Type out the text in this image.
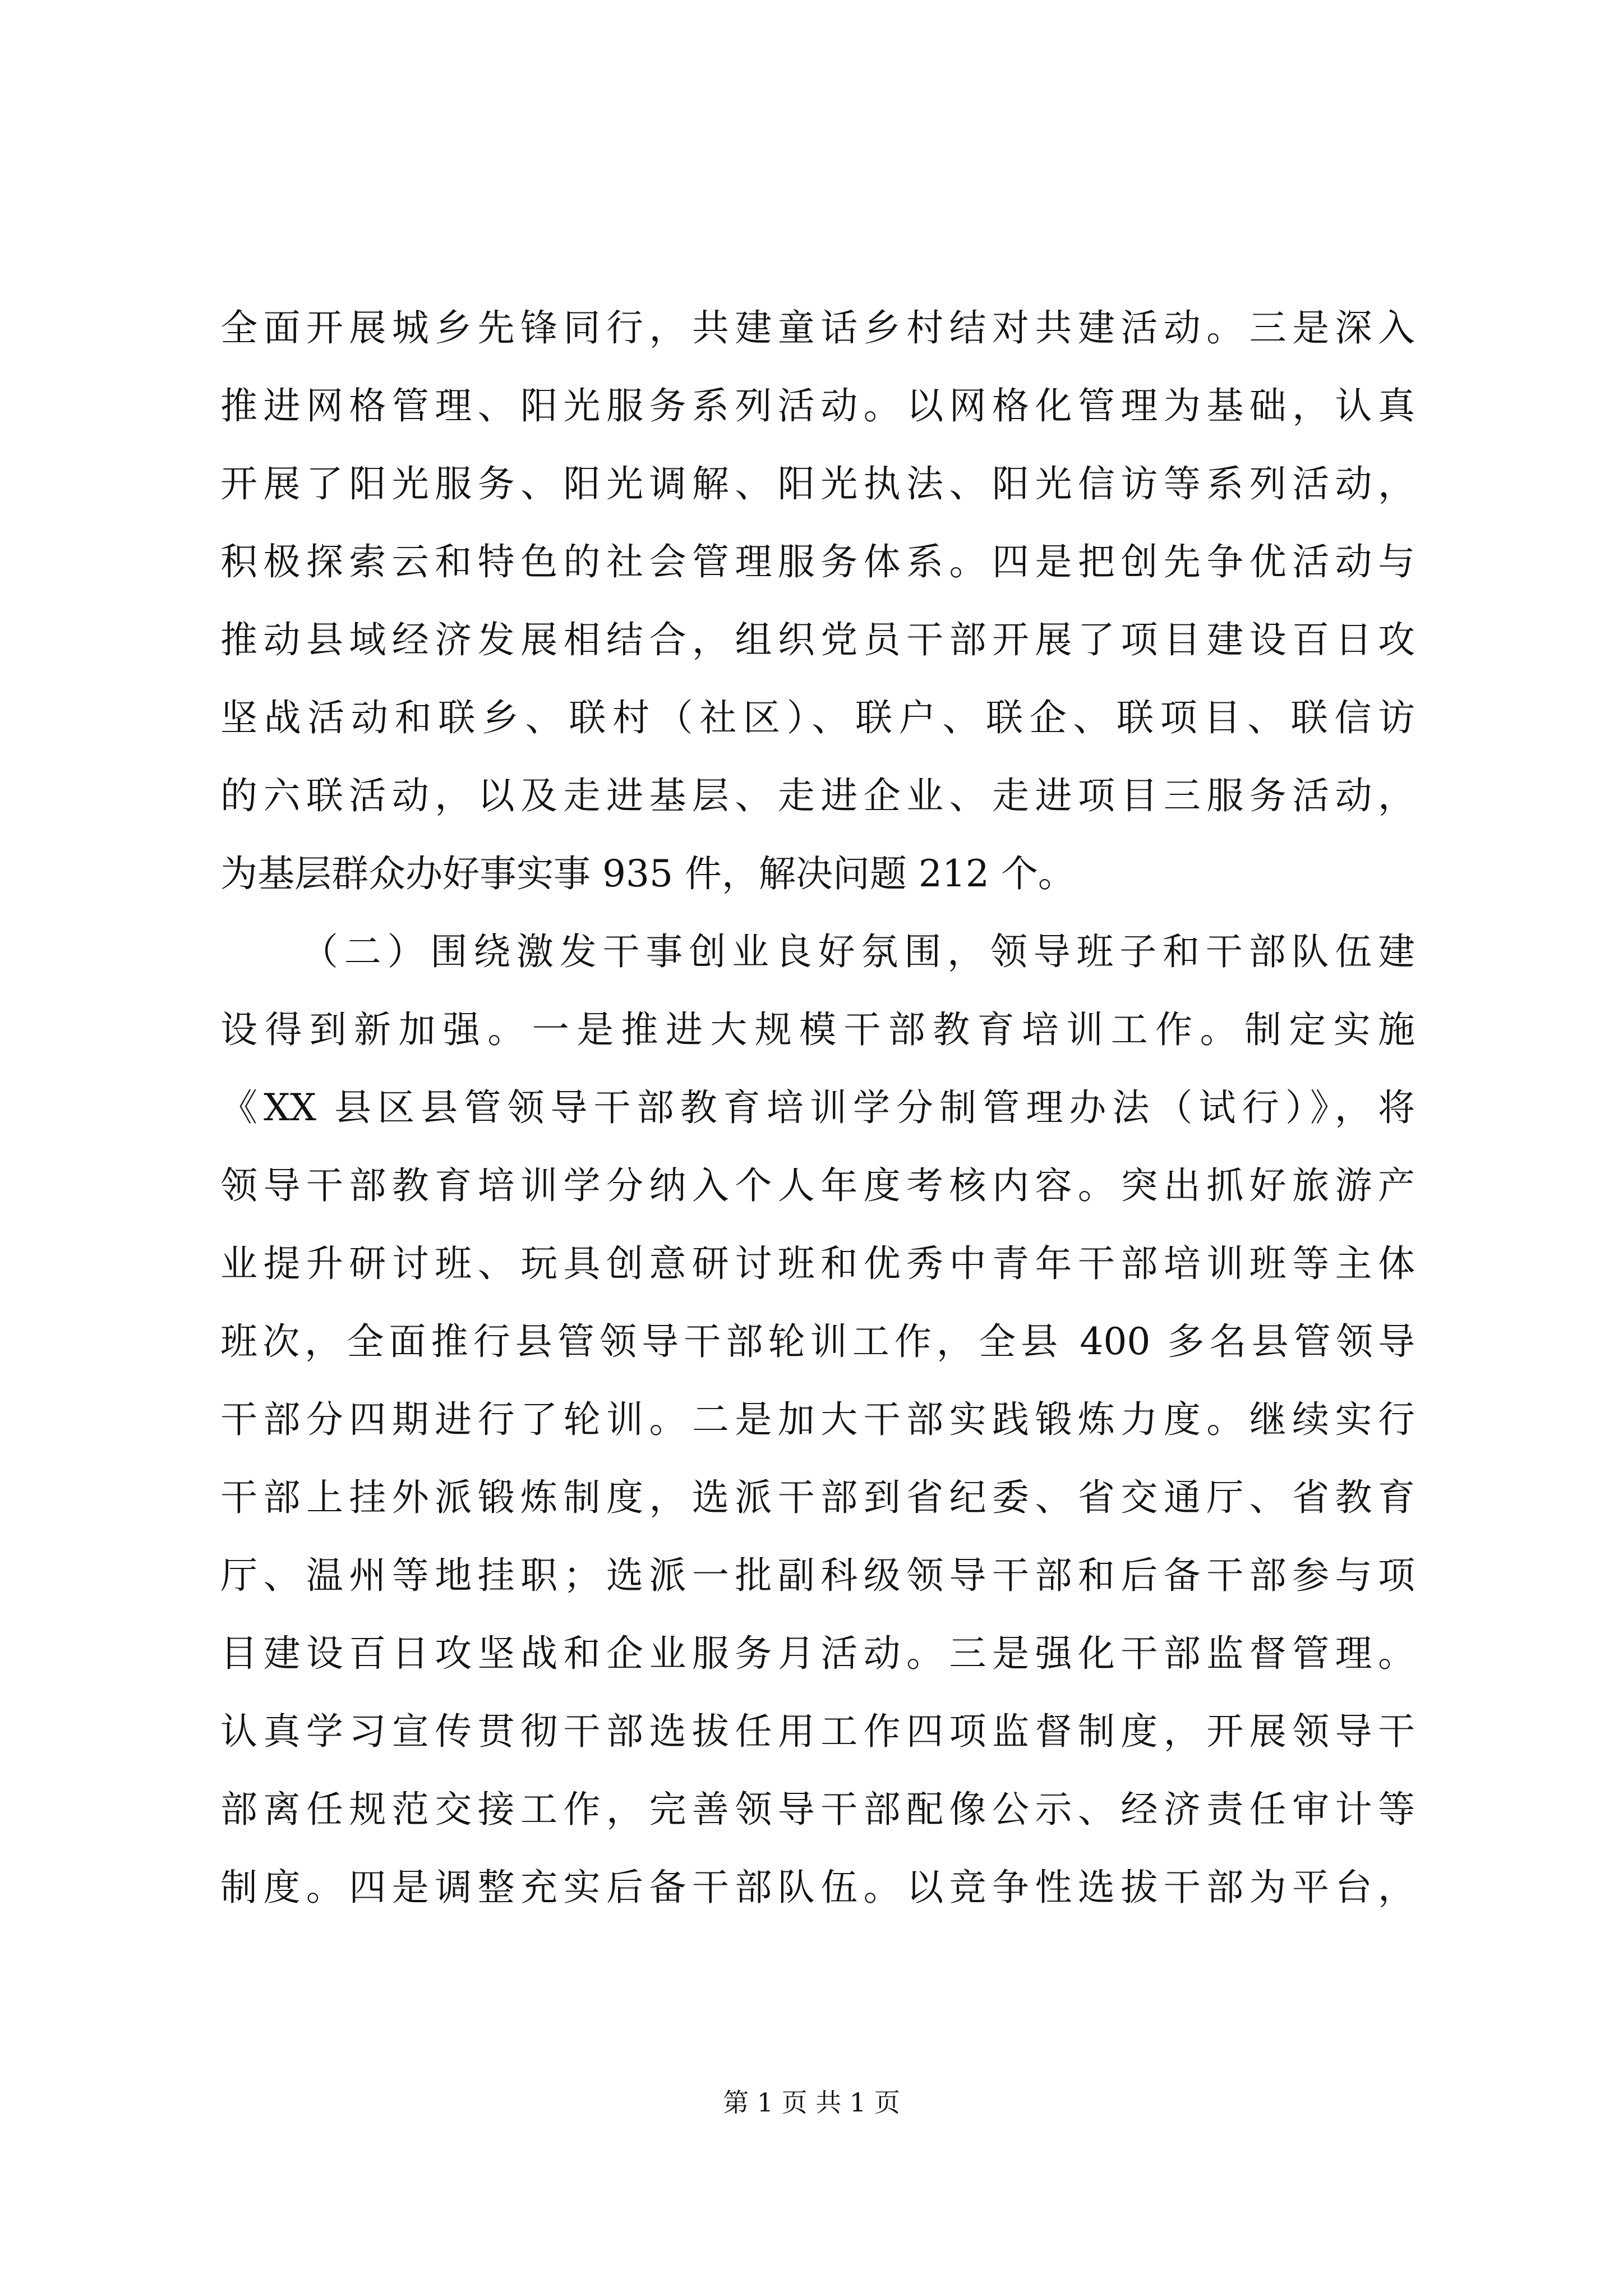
全面开展城乡先锋同行，共建童话乡村结对共建活动。三是深入
推进网格管理、阳光服务系列活动。以网格化管理为基础，认真
开展了阳光服务、阳光调解、阳光执法、阳光信访等系列活动，
积极探索云和特色的社会管理服务体系。四是把创先争优活动与
推动县域经济发展相结合，组织党员干部开展了项目建设百日攻
坚战活动和联乡、联村（社区）、联户、联企、联项目、联信访
的六联活动，以及走进基层、走进企业、走进项目三服务活动，
为基层群众办好事实事 935 件，解决问题 212 个。
（二）围绕激发干事创业良好氛围，领导班子和干部队伍建
设得到新加强。一是推进大规模干部教育培训工作。制定实施
《XX 县区县管领导干部教育培训学分制管理办法（试行）》，将
领导干部教育培训学分纳入个人年度考核内容。突出抓好旅游产
业提升研讨班、玩具创意研讨班和优秀中青年干部培训班等主体
班次，全面推行县管领导干部轮训工作，全县 400 多名县管领导
干部分四期进行了轮训。二是加大干部实践锻炼力度。继续实行
干部上挂外派锻炼制度，选派干部到省纪委、省交通厅、省教育
厅、温州等地挂职；选派一批副科级领导干部和后备干部参与项
目建设百日攻坚战和企业服务月活动。三是强化干部监督管理。
认真学习宣传贯彻干部选拔任用工作四项监督制度，开展领导干
部离任规范交接工作，完善领导干部配像公示、经济责任审计等
制度。四是调整充实后备干部队伍。以竞争性选拔干部为平台，
第 1 页 共 1 页
